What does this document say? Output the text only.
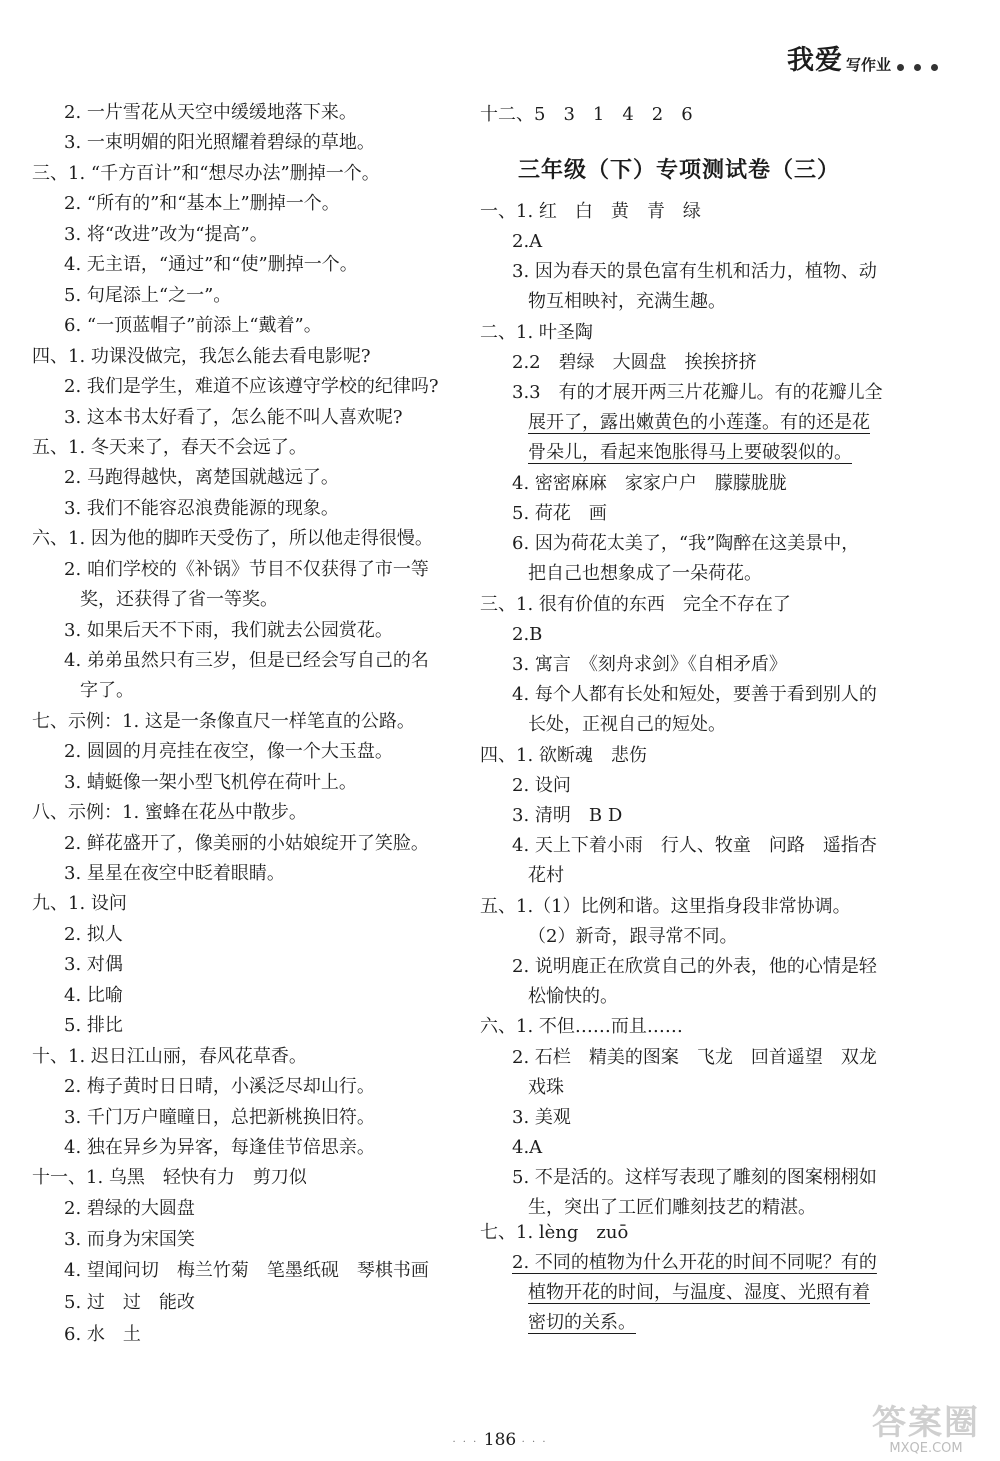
我爱 写作业
2. 一片雪花从天空中缓缓地落下来。
3. 一束明媚的阳光照耀着碧绿的草地。
三、1. “千方百计”和“想尽办法”删掉一个。
2. “所有的”和“基本上”删掉一个。
3. 将“改进”改为“提高”。
4. 无主语，“通过”和“使”删掉一个。
5. 句尾添上“之一”。
6. “一顶蓝帽子”前添上“戴着”。
四、1. 功课没做完，我怎么能去看电影呢?
2. 我们是学生，难道不应该遵守学校的纪律吗?
3. 这本书太好看了，怎么能不叫人喜欢呢?
五、1. 冬天来了，春天不会远了。
2. 马跑得越快，离楚国就越远了。
3. 我们不能容忍浪费能源的现象。
六、1. 因为他的脚昨天受伤了，所以他走得很慢。
2. 咱们学校的《补锅》节目不仅获得了市一等
奖，还获得了省一等奖。
3. 如果后天不下雨，我们就去公园赏花。
4. 弟弟虽然只有三岁，但是已经会写自己的名
字了。
七、示例：1. 这是一条像直尺一样笔直的公路。
2. 圆圆的月亮挂在夜空，像一个大玉盘。
3. 蜻蜓像一架小型飞机停在荷叶上。
八、示例：1. 蜜蜂在花丛中散步。
2. 鲜花盛开了，像美丽的小姑娘绽开了笑脸。
3. 星星在夜空中眨着眼睛。
九、1. 设问
2. 拟人
3. 对偶
4. 比喻
5. 排比
十、1. 迟日江山丽，春风花草香。
2. 梅子黄时日日晴，小溪泛尽却山行。
3. 千门万户曈曈日，总把新桃换旧符。
4. 独在异乡为异客，每逢佳节倍思亲。
十一、1. 乌黑　轻快有力　剪刀似
2. 碧绿的大圆盘
3. 而身为宋国笑
4. 望闻问切　梅兰竹菊　笔墨纸砚　琴棋书画
5. 过　过　能改
6. 水　土
十二、5　3　1　4　2　6
三年级（下）专项测试卷（三）
一、1. 红　白　黄　青　绿
2.A
3. 因为春天的景色富有生机和活力，植物、动
物互相映衬，充满生趣。
二、1. 叶圣陶
2.2　碧绿　大圆盘　挨挨挤挤
3.3　有的才展开两三片花瓣儿。有的花瓣儿全
展开了，露出嫩黄色的小莲蓬。有的还是花
骨朵儿，看起来饱胀得马上要破裂似的。
4. 密密麻麻　家家户户　朦朦胧胧
5. 荷花　画
6. 因为荷花太美了，“我”陶醉在这美景中，
把自己也想象成了一朵荷花。
三、1. 很有价值的东西　完全不存在了
2.B
3. 寓言　《刻舟求剑》《自相矛盾》
4. 每个人都有长处和短处，要善于看到别人的
长处，正视自己的短处。
四、1. 欲断魂　悲伤
2. 设问
3. 清明　B D
4. 天上下着小雨　行人、牧童　问路　遥指杏
花村
五、1.（1）比例和谐。这里指身段非常协调。
（2）新奇，跟寻常不同。
2. 说明鹿正在欣赏自己的外表，他的心情是轻
松愉快的。
六、1. 不但……而且……
2. 石栏　精美的图案　飞龙　回首遥望　双龙
戏珠
3. 美观
4.A
5. 不是活的。这样写表现了雕刻的图案栩栩如
生，突出了工匠们雕刻技艺的精湛。
七、1. lèng　zuō
2. 不同的植物为什么开花的时间不同呢？有的
植物开花的时间，与温度、湿度、光照有着
密切的关系。
· · · 186 · · ·	答案圈
MXQE.COM
